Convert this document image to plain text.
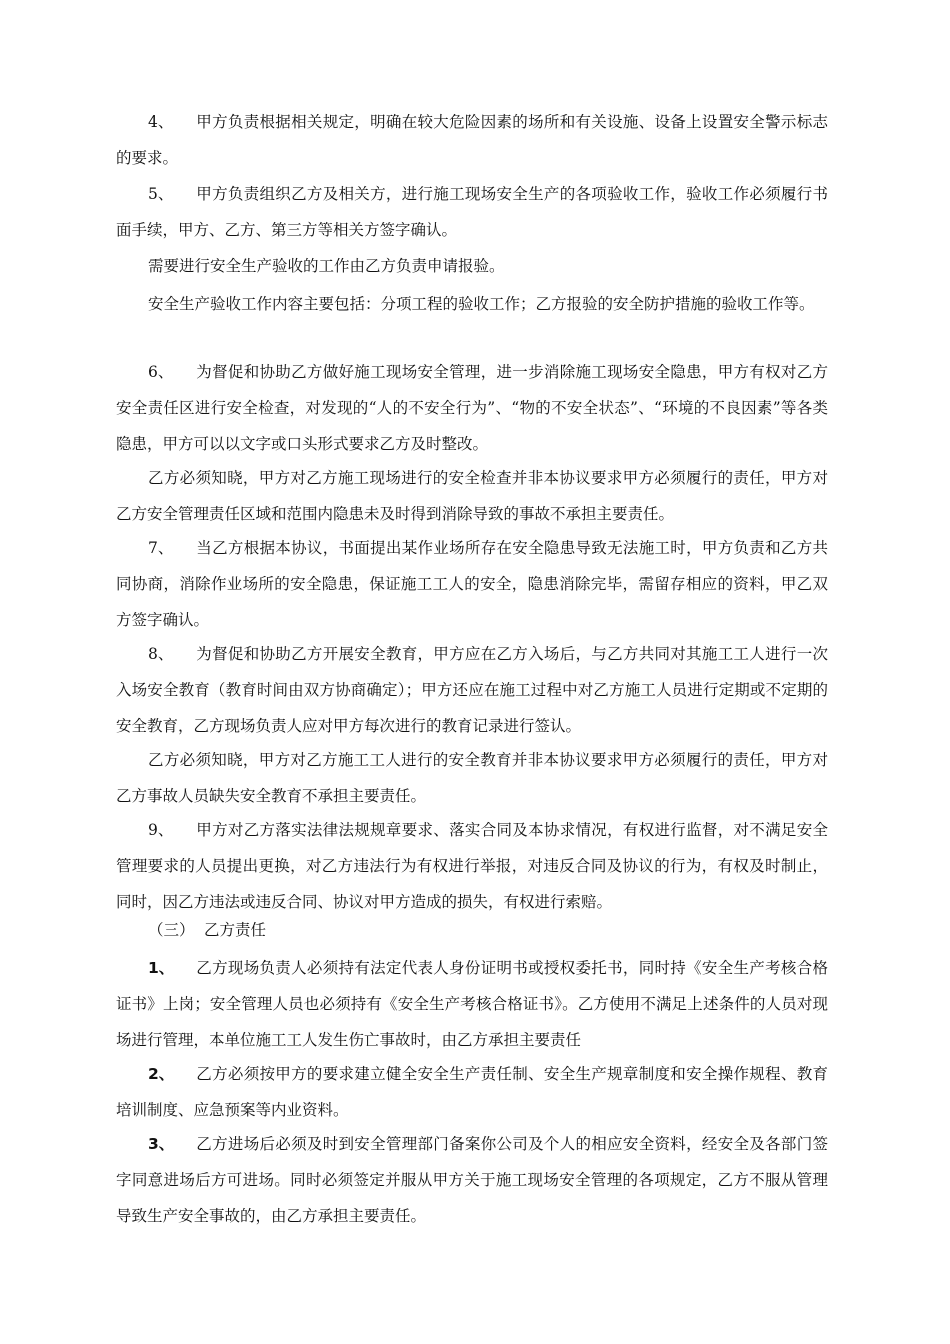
4、 甲方负责根据相关规定，明确在较大危险因素的场所和有关设施、设备上设置安全警示标志的要求。

5、 甲方负责组织乙方及相关方，进行施工现场安全生产的各项验收工作，验收工作必须履行书面手续，甲方、乙方、第三方等相关方签字确认。

需要进行安全生产验收的工作由乙方负责申请报验。

安全生产验收工作内容主要包括：分项工程的验收工作；乙方报验的安全防护措施的验收工作等。

6、 为督促和协助乙方做好施工现场安全管理，进一步消除施工现场安全隐患，甲方有权对乙方安全责任区进行安全检查，对发现的“人的不安全行为”、“物的不安全状态”、“环境的不良因素”等各类隐患，甲方可以以文字或口头形式要求乙方及时整改。

乙方必须知晓，甲方对乙方施工现场进行的安全检查并非本协议要求甲方必须履行的责任，甲方对乙方安全管理责任区域和范围内隐患未及时得到消除导致的事故不承担主要责任。

7、 当乙方根据本协议，书面提出某作业场所存在安全隐患导致无法施工时，甲方负责和乙方共同协商，消除作业场所的安全隐患，保证施工工人的安全，隐患消除完毕，需留存相应的资料，甲乙双方签字确认。

8、 为督促和协助乙方开展安全教育，甲方应在乙方入场后，与乙方共同对其施工工人进行一次入场安全教育（教育时间由双方协商确定）；甲方还应在施工过程中对乙方施工人员进行定期或不定期的安全教育，乙方现场负责人应对甲方每次进行的教育记录进行签认。

乙方必须知晓，甲方对乙方施工工人进行的安全教育并非本协议要求甲方必须履行的责任，甲方对乙方事故人员缺失安全教育不承担主要责任。

9、 甲方对乙方落实法律法规规章要求、落实合同及本协求情况，有权进行监督，对不满足安全管理要求的人员提出更换，对乙方违法行为有权进行举报，对违反合同及协议的行为，有权及时制止，同时，因乙方违法或违反合同、协议对甲方造成的损失，有权进行索赔。

（三） 乙方责任

1、 乙方现场负责人必须持有法定代表人身份证明书或授权委托书，同时持《安全生产考核合格证书》上岗；安全管理人员也必须持有《安全生产考核合格证书》。乙方使用不满足上述条件的人员对现场进行管理，本单位施工工人发生伤亡事故时，由乙方承担主要责任

2、 乙方必须按甲方的要求建立健全安全生产责任制、安全生产规章制度和安全操作规程、教育培训制度、应急预案等内业资料。

3、 乙方进场后必须及时到安全管理部门备案你公司及个人的相应安全资料，经安全及各部门签字同意进场后方可进场。同时必须签定并服从甲方关于施工现场安全管理的各项规定，乙方不服从管理导致生产安全事故的，由乙方承担主要责任。
